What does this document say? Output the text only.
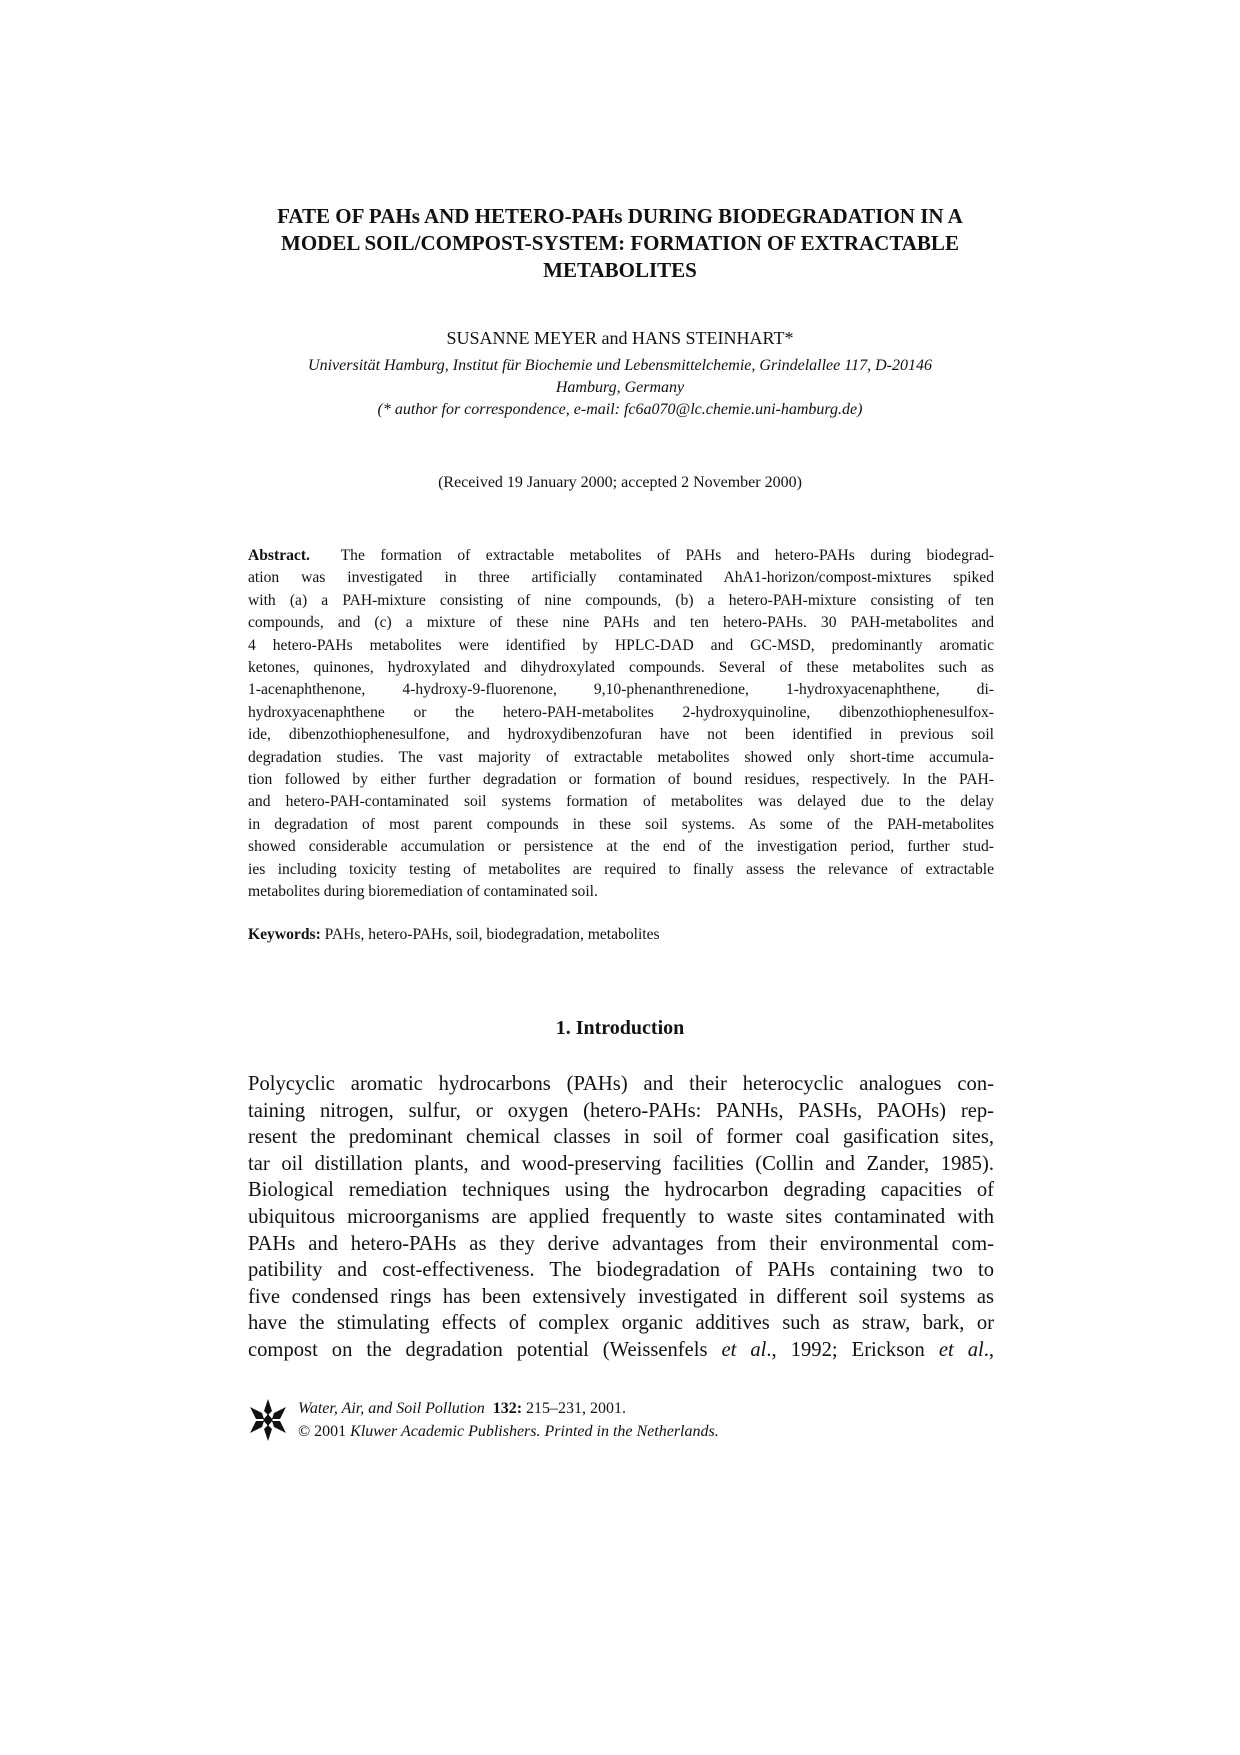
FATE OF PAHs AND HETERO-PAHs DURING BIODEGRADATION IN A
MODEL SOIL/COMPOST-SYSTEM: FORMATION OF EXTRACTABLE
METABOLITES
SUSANNE MEYER and HANS STEINHART*
Universität Hamburg, Institut für Biochemie und Lebensmittelchemie, Grindelallee 117, D-20146
Hamburg, Germany
(* author for correspondence, e-mail: fc6a070@lc.chemie.uni-hamburg.de)
(Received 19 January 2000; accepted 2 November 2000)
Abstract. The formation of extractable metabolites of PAHs and hetero-PAHs during biodegrad-
ation was investigated in three artificially contaminated AhA1-horizon/compost-mixtures spiked
with (a) a PAH-mixture consisting of nine compounds, (b) a hetero-PAH-mixture consisting of ten
compounds, and (c) a mixture of these nine PAHs and ten hetero-PAHs. 30 PAH-metabolites and
4 hetero-PAHs metabolites were identified by HPLC-DAD and GC-MSD, predominantly aromatic
ketones, quinones, hydroxylated and dihydroxylated compounds. Several of these metabolites such as
1-acenaphthenone, 4-hydroxy-9-fluorenone, 9,10-phenanthrenedione, 1-hydroxyacenaphthene, di-
hydroxyacenaphthene or the hetero-PAH-metabolites 2-hydroxyquinoline, dibenzothiophenesulfox-
ide, dibenzothiophenesulfone, and hydroxydibenzofuran have not been identified in previous soil
degradation studies. The vast majority of extractable metabolites showed only short-time accumula-
tion followed by either further degradation or formation of bound residues, respectively. In the PAH-
and hetero-PAH-contaminated soil systems formation of metabolites was delayed due to the delay
in degradation of most parent compounds in these soil systems. As some of the PAH-metabolites
showed considerable accumulation or persistence at the end of the investigation period, further stud-
ies including toxicity testing of metabolites are required to finally assess the relevance of extractable
metabolites during bioremediation of contaminated soil.
Keywords: PAHs, hetero-PAHs, soil, biodegradation, metabolites
1. Introduction
Polycyclic aromatic hydrocarbons (PAHs) and their heterocyclic analogues con-
taining nitrogen, sulfur, or oxygen (hetero-PAHs: PANHs, PASHs, PAOHs) rep-
resent the predominant chemical classes in soil of former coal gasification sites,
tar oil distillation plants, and wood-preserving facilities (Collin and Zander, 1985).
Biological remediation techniques using the hydrocarbon degrading capacities of
ubiquitous microorganisms are applied frequently to waste sites contaminated with
PAHs and hetero-PAHs as they derive advantages from their environmental com-
patibility and cost-effectiveness. The biodegradation of PAHs containing two to
five condensed rings has been extensively investigated in different soil systems as
have the stimulating effects of complex organic additives such as straw, bark, or
compost on the degradation potential (Weissenfels et al., 1992; Erickson et al.,
Water, Air, and Soil Pollution 132: 215–231, 2001.
© 2001 Kluwer Academic Publishers. Printed in the Netherlands.
